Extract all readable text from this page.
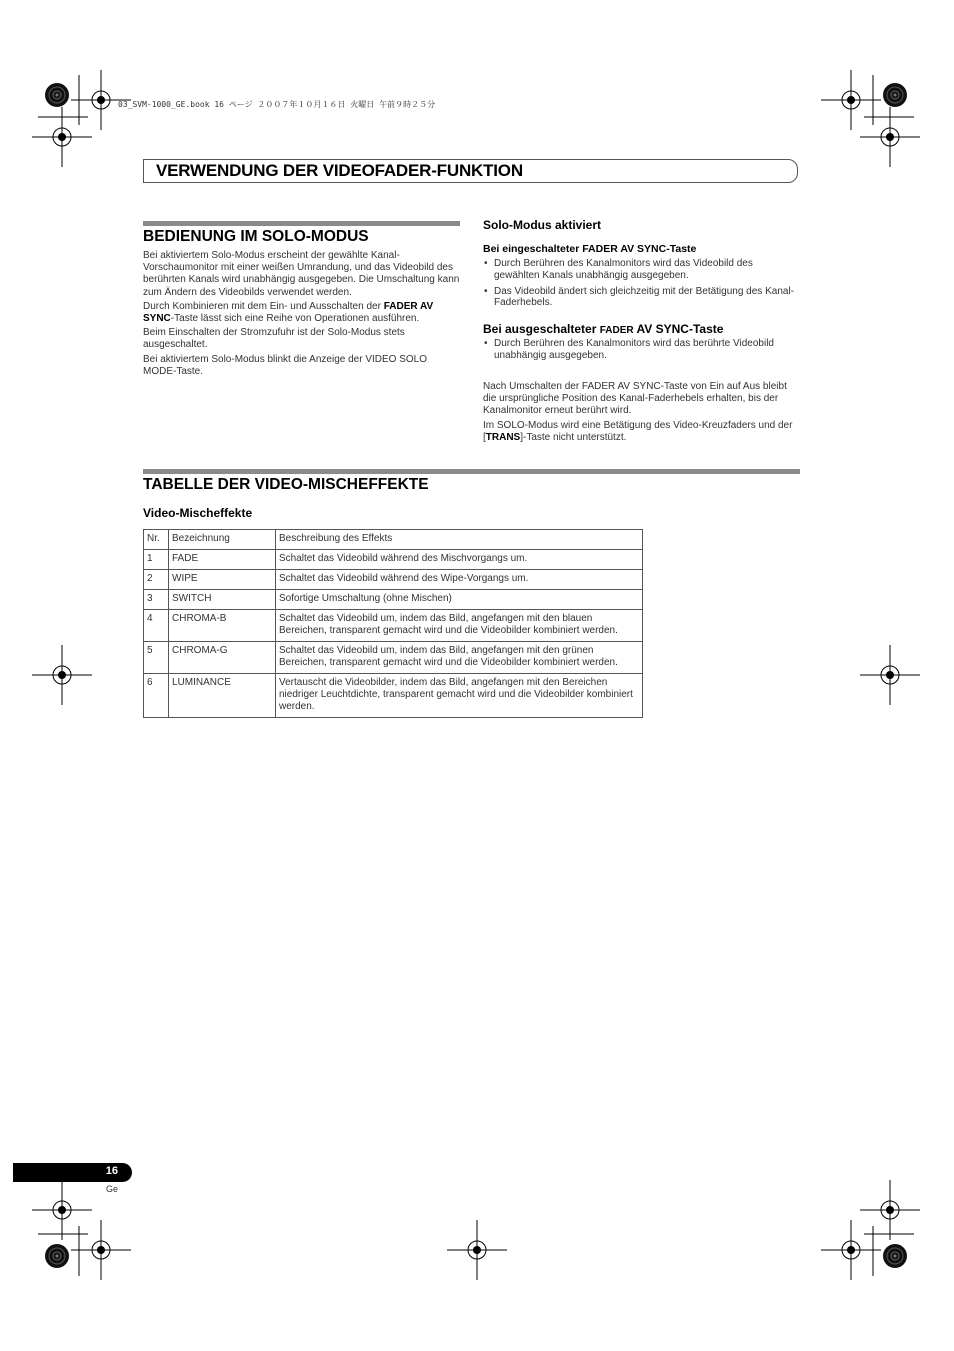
03_SVM-1000_GE.book 16 ページ ２００７年１０月１６日 火曜日 午前９時２５分
VERWENDUNG DER VIDEOFADER-FUNKTION
BEDIENUNG IM SOLO-MODUS

Bei aktiviertem Solo-Modus erscheint der gewählte Kanal-Vorschaumonitor mit einer weißen Umrandung, und das Videobild des berührten Kanals wird unabhängig ausgegeben. Die Umschaltung kann zum Ändern des Videobilds verwendet werden.

Durch Kombinieren mit dem Ein- und Ausschalten der FADER AV SYNC-Taste lässt sich eine Reihe von Operationen ausführen.

Beim Einschalten der Stromzufuhr ist der Solo-Modus stets ausgeschaltet.

Bei aktiviertem Solo-Modus blinkt die Anzeige der VIDEO SOLO MODE-Taste.

Solo-Modus aktiviert
Bei eingeschalteter FADER AV SYNC-Taste
• Durch Berühren des Kanalmonitors wird das Videobild des gewählten Kanals unabhängig ausgegeben.
• Das Videobild ändert sich gleichzeitig mit der Betätigung des Kanal-Faderhebels.
Bei ausgeschalteter FADER AV SYNC-Taste
• Durch Berühren des Kanalmonitors wird das berührte Videobild unabhängig ausgegeben.

Nach Umschalten der FADER AV SYNC-Taste von Ein auf Aus bleibt die ursprüngliche Position des Kanal-Faderhebels erhalten, bis der Kanalmonitor erneut berührt wird.

Im SOLO-Modus wird eine Betätigung des Video-Kreuzfaders und der [TRANS]-Taste nicht unterstützt.

TABELLE DER VIDEO-MISCHEFFEKTE
Video-Mischeffekte
Nr.	Bezeichnung	Beschreibung des Effekts
1	FADE	Schaltet das Videobild während des Mischvorgangs um.
2	WIPE	Schaltet das Videobild während des Wipe-Vorgangs um.
3	SWITCH	Sofortige Umschaltung (ohne Mischen)
4	CHROMA-B	Schaltet das Videobild um, indem das Bild, angefangen mit den blauen Bereichen, transparent gemacht wird und die Videobilder kombiniert werden.
5	CHROMA-G	Schaltet das Videobild um, indem das Bild, angefangen mit den grünen Bereichen, transparent gemacht wird und die Videobilder kombiniert werden.
6	LUMINANCE	Vertauscht die Videobilder, indem das Bild, angefangen mit den Bereichen niedriger Leuchtdichte, transparent gemacht wird und die Videobilder kombiniert werden.
16
Ge
